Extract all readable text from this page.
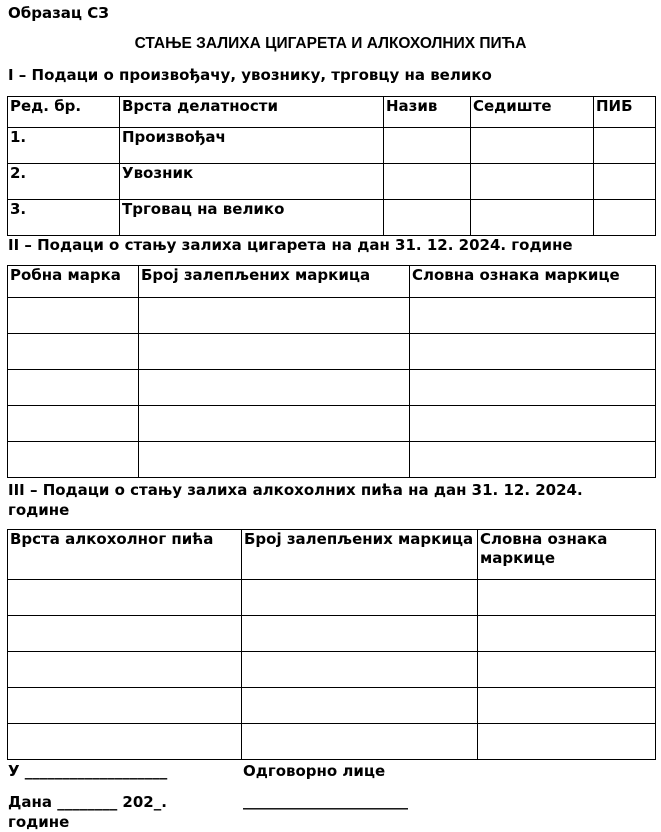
Образац СЗ
СТАЊЕ ЗАЛИХА ЦИГАРЕТА И АЛКОХОЛНИХ ПИЋА
I – Подаци о произвођачу, увознику, трговцу на велико
Ред. бр.	Врста делатности	Назив	Седиште	ПИБ
1.	Произвођач			
2.	Увозник			
3.	Трговац на велико			
II – Подаци о стању залиха цигарета на дан 31. 12. 2024. године
Робна марка	Број залепљених маркица	Словна ознака маркице

III – Подаци о стању залиха алкохолних пића на дан 31. 12. 2024. године
Врста алкохолног пића	Број залепљених маркица	Словна ознака маркице

У ___________________	Одговорно лице
Дана ________ 202_. године
______________________
